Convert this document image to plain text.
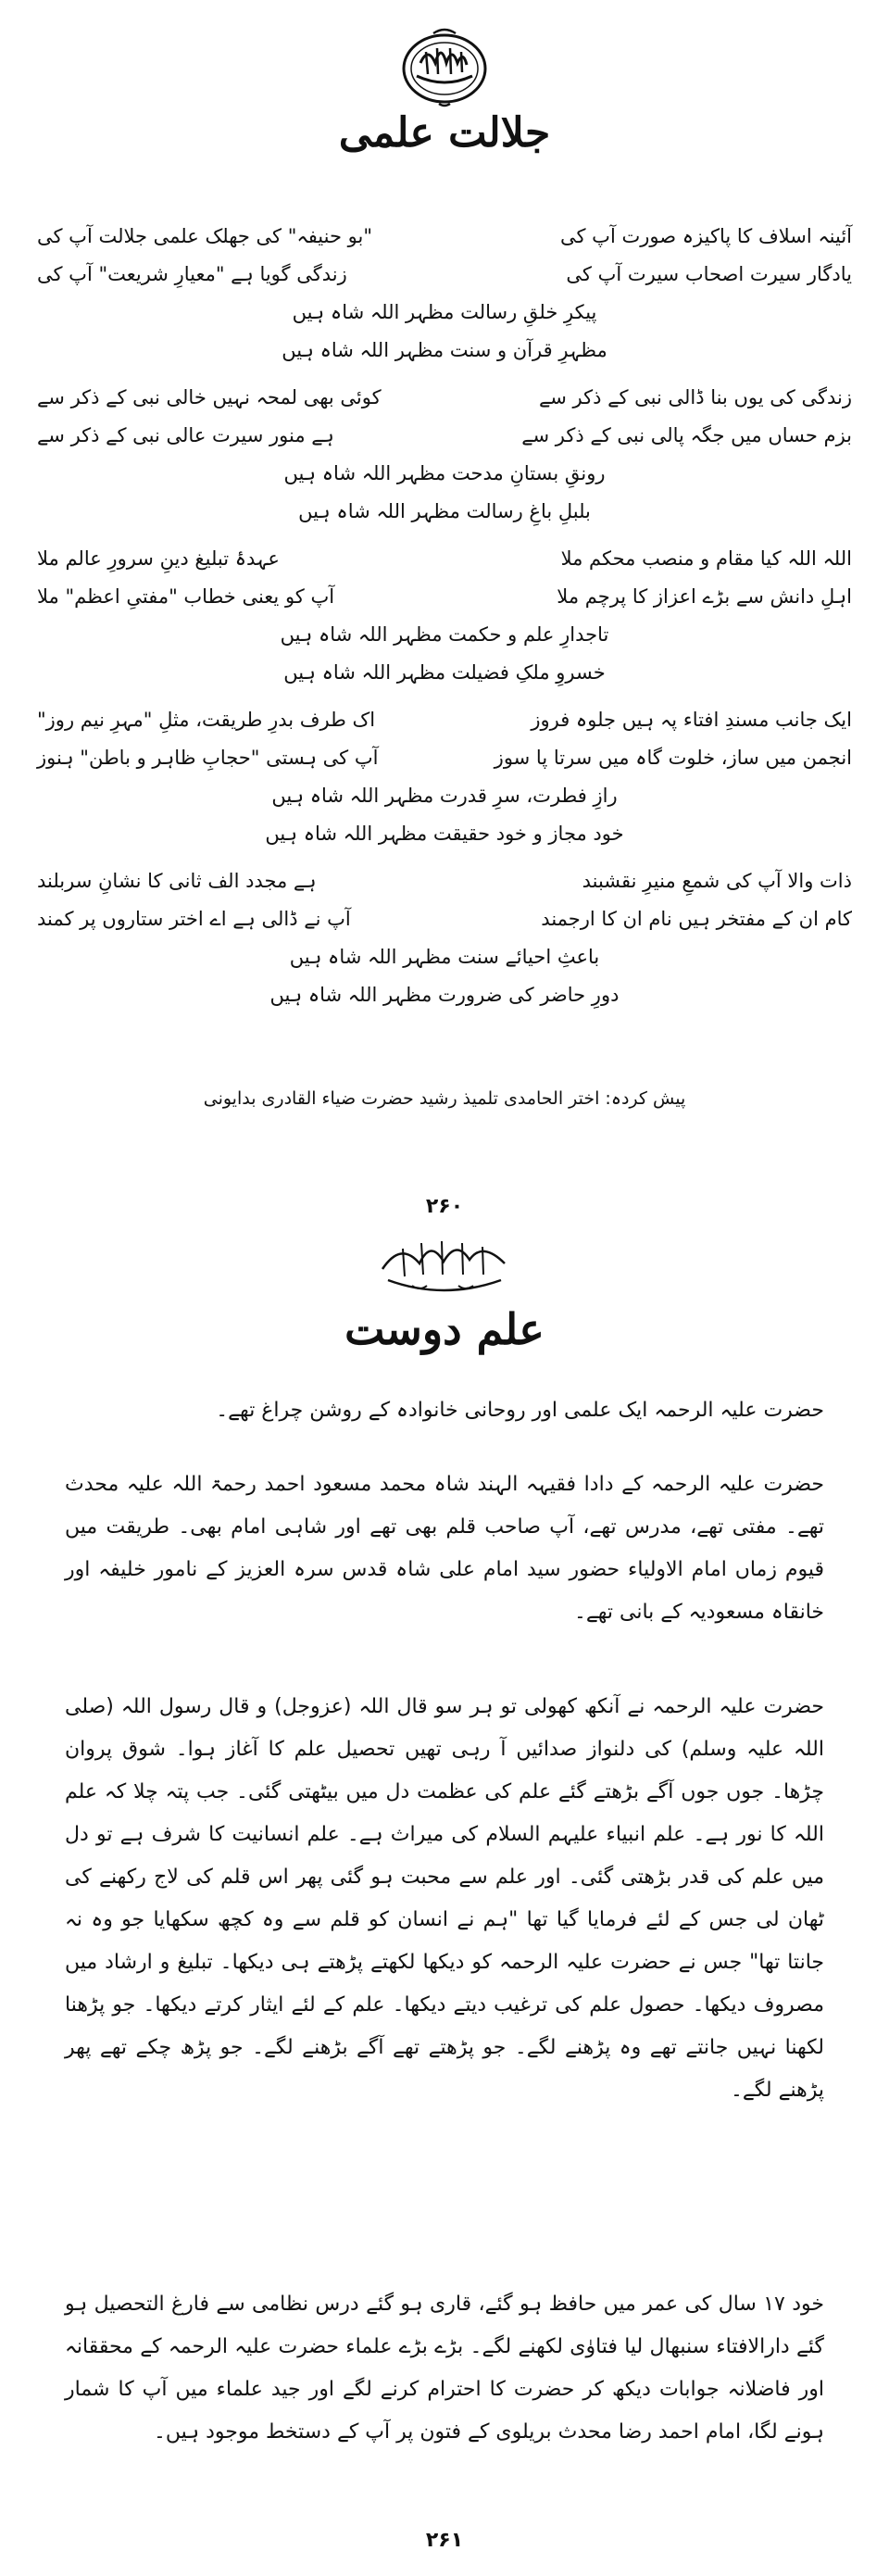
جلالت علمی
آئینہ اسلاف کا پاکیزہ صورت آپ کی
"بو حنیفہ" کی جھلک علمی جلالت آپ کی
یادگار سیرت اصحاب سیرت آپ کی
زندگی گویا ہے "معیارِ شریعت" آپ کی
پیکرِ خلقِ رسالت مظہر اللہ شاہ ہیں
مظہرِ قرآن و سنت مظہر اللہ شاہ ہیں
زندگی کی یوں بنا ڈالی نبی کے ذکر سے
کوئی بھی لمحہ نہیں خالی نبی کے ذکر سے
بزم حساں میں جگہ پالی نبی کے ذکر سے
ہے منور سیرت عالی نبی کے ذکر سے
رونقِ بستانِ مدحت مظہر اللہ شاہ ہیں
بلبلِ باغِ رسالت مظہر اللہ شاہ ہیں
اللہ اللہ کیا مقام و منصب محکم ملا
عہدۂ تبلیغ دینِ سرورِ عالم ملا
اہلِ دانش سے بڑے اعزاز کا پرچم ملا
آپ کو یعنی خطاب "مفتیِ اعظم" ملا
تاجدارِ علم و حکمت مظہر اللہ شاہ ہیں
خسروِ ملکِ فضیلت مظہر اللہ شاہ ہیں
ایک جانب مسندِ افتاء پہ ہیں جلوہ فروز
اک طرف بدرِ طریقت، مثلِ "مہرِ نیم روز"
انجمن میں ساز، خلوت گاہ میں سرتا پا سوز
آپ کی ہستی "حجابِ ظاہر و باطن" ہنوز
رازِ فطرت، سرِ قدرت مظہر اللہ شاہ ہیں
خود مجاز و خود حقیقت مظہر اللہ شاہ ہیں
ذات والا آپ کی شمعِ منیرِ نقشبند
ہے مجدد الف ثانی کا نشانِ سربلند
کام ان کے مفتخر ہیں نام ان کا ارجمند
آپ نے ڈالی ہے اے اختر ستاروں پر کمند
باعثِ احیائے سنت مظہر اللہ شاہ ہیں
دورِ حاضر کی ضرورت مظہر اللہ شاہ ہیں
پیش کردہ: اختر الحامدی تلمیذ رشید حضرت ضیاء القادری بدایونی
۲۶۰
علم دوست
حضرت علیہ الرحمہ ایک علمی اور روحانی خانوادہ کے روشن چراغ تھے۔
حضرت علیہ الرحمہ کے دادا فقیہہ الہند شاہ محمد مسعود احمد رحمۃ اللہ علیہ محدث تھے۔ مفتی تھے، مدرس تھے، آپ صاحب قلم بھی تھے اور شاہی امام بھی۔ طریقت میں قیوم زماں امام الاولیاء حضور سید امام علی شاہ قدس سرہ العزیز کے نامور خلیفہ اور خانقاہ مسعودیہ کے بانی تھے۔
حضرت علیہ الرحمہ نے آنکھ کھولی تو ہر سو قال اللہ (عزوجل) و قال رسول اللہ (صلی اللہ علیہ وسلم) کی دلنواز صدائیں آ رہی تھیں تحصیل علم کا آغاز ہوا۔ شوق پروان چڑھا۔ جوں جوں آگے بڑھتے گئے علم کی عظمت دل میں بیٹھتی گئی۔ جب پتہ چلا کہ علم اللہ کا نور ہے۔ علم انبیاء علیہم السلام کی میراث ہے۔ علم انسانیت کا شرف ہے تو دل میں علم کی قدر بڑھتی گئی۔ اور علم سے محبت ہو گئی پھر اس قلم کی لاج رکھنے کی ٹھان لی جس کے لئے فرمایا گیا تھا "ہم نے انسان کو قلم سے وہ کچھ سکھایا جو وہ نہ جانتا تھا" جس نے حضرت علیہ الرحمہ کو دیکھا لکھتے پڑھتے ہی دیکھا۔ تبلیغ و ارشاد میں مصروف دیکھا۔ حصول علم کی ترغیب دیتے دیکھا۔ علم کے لئے ایثار کرتے دیکھا۔ جو پڑھنا لکھنا نہیں جانتے تھے وہ پڑھنے لگے۔ جو پڑھتے تھے آگے بڑھنے لگے۔ جو پڑھ چکے تھے پھر پڑھنے لگے۔
خود ۱۷ سال کی عمر میں حافظ ہو گئے، قاری ہو گئے درس نظامی سے فارغ التحصیل ہو گئے دارالافتاء سنبھال لیا فتاوٰی لکھنے لگے۔ بڑے بڑے علماء حضرت علیہ الرحمہ کے محققانہ اور فاضلانہ جوابات دیکھ کر حضرت کا احترام کرنے لگے اور جید علماء میں آپ کا شمار ہونے لگا، امام احمد رضا محدث بریلوی کے فتون پر آپ کے دستخط موجود ہیں۔
۲۶۱
